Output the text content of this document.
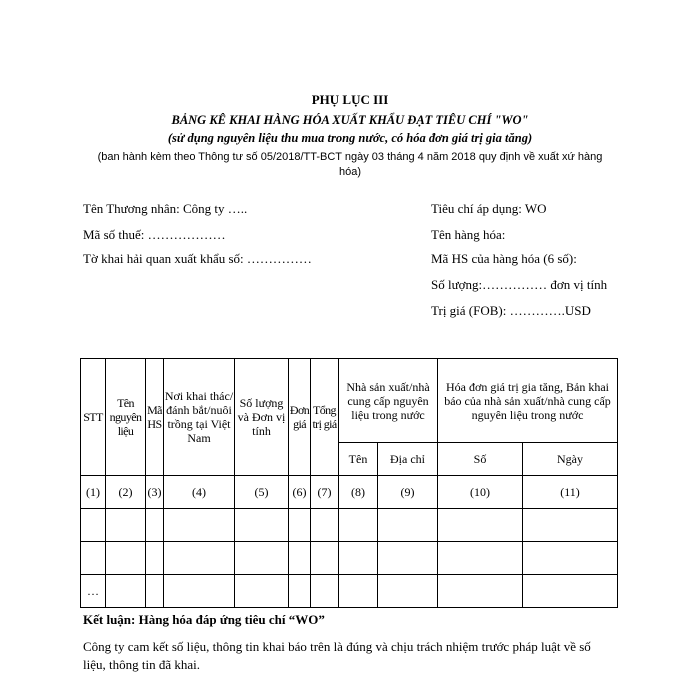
PHỤ LỤC III
BẢNG KÊ KHAI HÀNG HÓA XUẤT KHẨU ĐẠT TIÊU CHÍ "WO"
(sử dụng nguyên liệu thu mua trong nước, có hóa đơn giá trị gia tăng)
(ban hành kèm theo Thông tư số 05/2018/TT-BCT ngày 03 tháng 4 năm 2018 quy định về xuất xứ hàng hóa)
Tên Thương nhân: Công ty …..
Mã số thuế: ………………
Tờ khai hải quan xuất khẩu số: ……………
Tiêu chí áp dụng: WO
Tên hàng hóa:
Mã HS của hàng hóa (6 số):
Số lượng:…………… đơn vị tính
Trị giá (FOB): ………….USD
STT	Tên nguyên liệu	Mã HS	Nơi khai thác/đánh bắt/nuôi trồng tại Việt Nam	Số lượng và Đơn vị tính	Đơn giá	Tổng trị giá	Nhà sản xuất/nhà cung cấp nguyên liệu trong nước		Hóa đơn giá trị gia tăng, Bản khai báo của nhà sản xuất/nhà cung cấp nguyên liệu trong nước	
							Tên	Địa chỉ	Số	Ngày
(1)	(2)	(3)	(4)	(5)	(6)	(7)	(8)	(9)	(10)	(11)

…										
Kết luận: Hàng hóa đáp ứng tiêu chí “WO”
Công ty cam kết số liệu, thông tin khai báo trên là đúng và chịu trách nhiệm trước pháp luật về số liệu, thông tin đã khai.
